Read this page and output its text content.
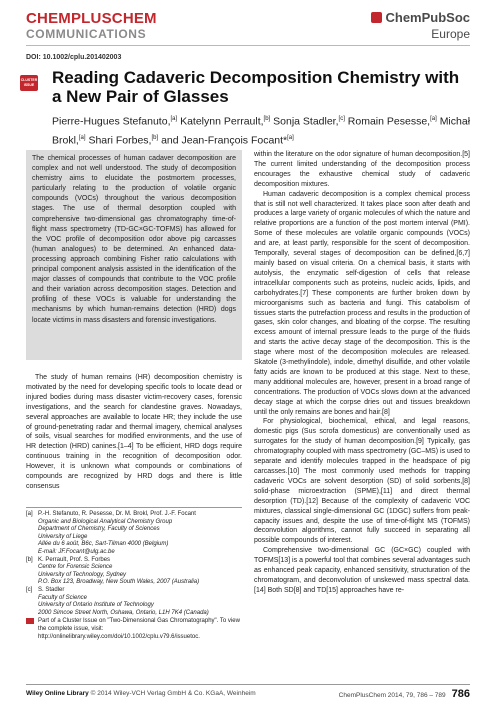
CHEMPLUSCHEM
COMMUNICATIONS
ChemPubSoc
Europe
DOI: 10.1002/cplu.201402003
CLUSTER ISSUE Reading Cadaveric Decomposition Chemistry with a New Pair of Glasses
Pierre-Hugues Stefanuto,[a] Katelynn Perrault,[b] Sonja Stadler,[c] Romain Pesesse,[a] Michał Brokl,[a] Shari Forbes,[b] and Jean-François Focant*[a]
The chemical processes of human cadaver decomposition are complex and not well understood. The study of decomposition chemistry aims to elucidate the postmortem processes, particularly relating to the production of volatile organic compounds (VOCs) throughout the various decomposition stages. The use of thermal desorption coupled with comprehensive two-dimensional gas chromatography time-of-flight mass spectrometry (TD-GC×GC-TOFMS) has allowed for the VOC profile of decomposition odor above pig carcasses (human analogues) to be determined. An enhanced data-processing approach combining Fisher ratio calculations with principal component analysis assisted in the identification of the major classes of compounds that contribute to the VOC profile and their variation across decomposition stages. Detection and profiling of these VOCs is valuable for understanding the mechanisms by which human-remains detection (HRD) dogs locate victims in mass disasters and forensic investigations.

The study of human remains (HR) decomposition chemistry is motivated by the need for developing specific tools to locate dead or injured bodies during mass disaster victim-recovery cases, forensic investigations, and the search for clandestine graves. Nowadays, several approaches are available to locate HR; they include the use of ground-penetrating radar and thermal imagery, chemical analyses of soils, visual searches for modified environments, and the use of HR detection (HRD) canines.[1–4] To be efficient, HRD dogs require continuous training in the recognition of decomposition odor. However, it is unknown what compounds or combinations of compounds are recognized by HRD dogs and there is little consensus

within the literature on the odor signature of human decomposition.[5] The current limited understanding of the decomposition process encourages the exhaustive chemical study of cadaveric decomposition mixtures.

Human cadaveric decomposition is a complex chemical process that is still not well characterized. It takes place soon after death and produces a large variety of organic molecules of which the nature and relative proportions are a function of the post mortem interval (PMI). Some of these molecules are volatile organic compounds (VOCs) and are, at least partly, responsible for the scent of decomposition. Temporally, several stages of decomposition can be defined,[6,7] mainly based on visual criteria. On a chemical basis, it starts with autolysis, the enzymatic self-digestion of cells that release intracellular components such as proteins, nucleic acids, lipids, and carbohydrates.[7] These components are further broken down by microorganisms such as bacteria and fungi. This catabolism of tissues starts the putrefaction process and results in the production of gases, skin color changes, and bloating of the corpse. The resulting excess amount of internal pressure leads to the purge of the fluids and starts the active decay stage of the decomposition. This is the stage where most of the decomposition molecules are released. Skatole (3-methylindole), indole, dimethyl disulfide, and other volatile fatty acids are known to be produced at this stage. Next to these, many additional molecules are, however, present in a broad range of concentrations. The production of VOCs slows down at the advanced decay stage at which the corpse dries out and tissues breakdown until the only remains are bones and hair.[8]

For physiological, biochemical, ethical, and legal reasons, domestic pigs (Sus scrofa domesticus) are conventionally used as surrogates for the study of human decomposition.[9] Typically, gas chromatography coupled with mass spectrometry (GC–MS) is used to separate and identify molecules trapped in the headspace of pig carcasses.[10] The most commonly used methods for trapping cadaveric VOCs are solvent desorption (SD) of solid sorbents,[8] solid-phase microextraction (SPME),[11] and direct thermal desorption (TD).[12] Because of the complexity of cadaveric VOC mixtures, classical single-dimensional GC (1DGC) suffers from peak-capacity issues and, despite the use of time-of-flight MS (TOFMS) deconvolution algorithms, cannot fully succeed in separating all possible compounds of interest.

Comprehensive two-dimensional GC (GC×GC) coupled with TOFMS[13] is a powerful tool that combines several advantages such as enhanced peak capacity, enhanced sensitivity, structuration of the chromatogram, and deconvolution of unskewed mass spectral data.[14] Both SD[8] and TD[15] approaches have re-

[a] P.-H. Stefanuto, R. Pesesse, Dr. M. Brokl, Prof. J.-F. Focant
Organic and Biological Analytical Chemistry Group
Department of Chemistry, Faculty of Sciences
University of Liege
Allée du 6 août, B6c, Sart-Tilman 4000 (Belgium)
E-mail: JF.Focant@ulg.ac.be
[b] K. Perrault, Prof. S. Forbes
Centre for Forensic Science
University of Technology, Sydney
P.O. Box 123, Broadway, New South Wales, 2007 (Australia)
[c] S. Stadler
Faculty of Science
University of Ontario Institute of Technology
2000 Simcoe Street North, Oshawa, Ontario, L1H 7K4 (Canada)
Part of a Cluster Issue on "Two-Dimensional Gas Chromatography". To view the complete issue, visit: http://onlinelibrary.wiley.com/doi/10.1002/cplu.v79.6/issuetoc.
Wiley Online Library © 2014 Wiley-VCH Verlag GmbH & Co. KGaA, Weinheim	ChemPlusChem 2014, 79, 786 – 789 786
